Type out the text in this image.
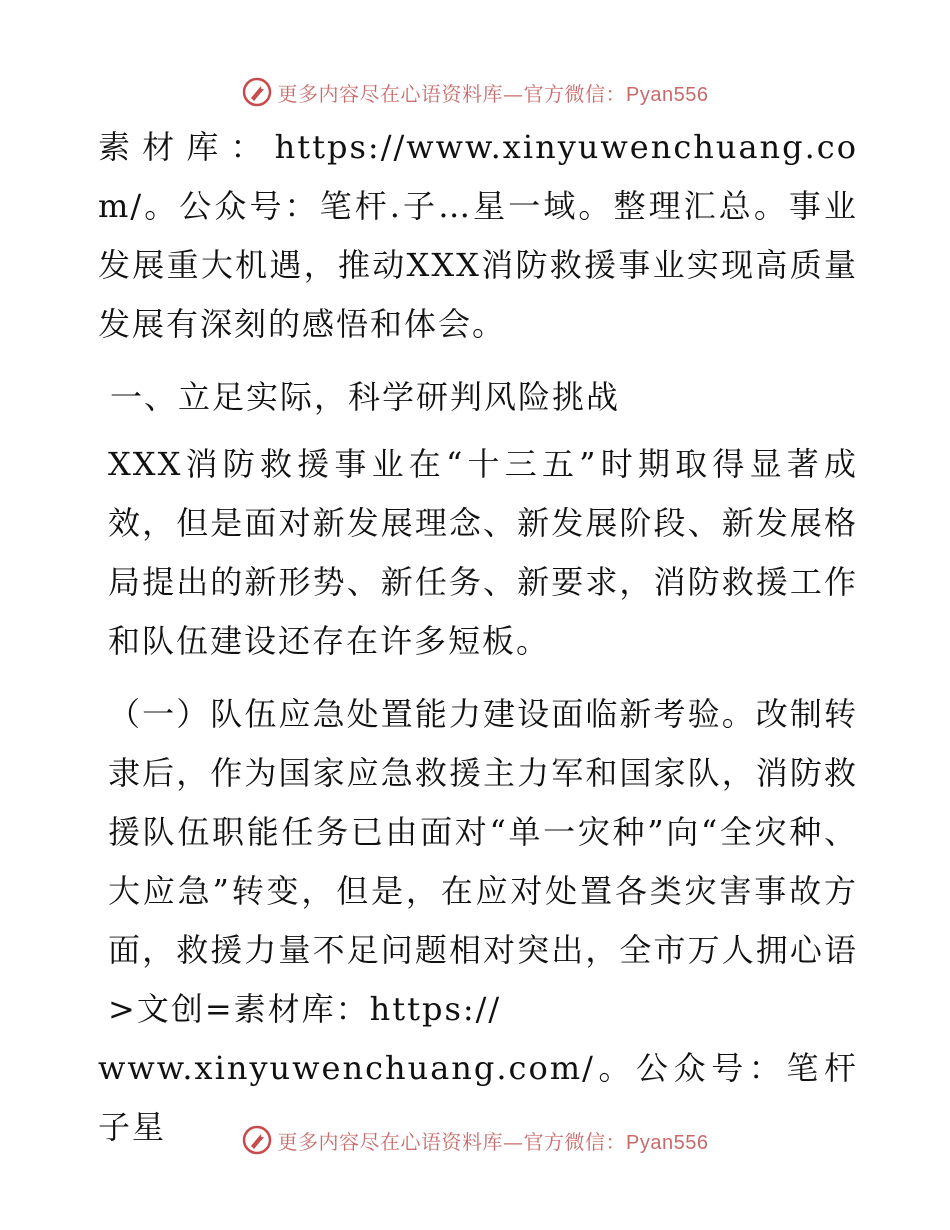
更多内容尽在心语资料库—官方微信：Pyan556

素材库：https://www.xinyuwenchuang.com/。公众号：笔杆.子…星一域。整理汇总。事业发展重大机遇，推动XXX消防救援事业实现高质量发展有深刻的感悟和体会。

一、立足实际，科学研判风险挑战

XXX消防救援事业在“十三五”时期取得显著成效，但是面对新发展理念、新发展阶段、新发展格局提出的新形势、新任务、新要求，消防救援工作和队伍建设还存在许多短板。

（一）队伍应急处置能力建设面临新考验。改制转隶后，作为国家应急救援主力军和国家队，消防救援队伍职能任务已由面对“单一灾种”向“全灾种、大应急”转变，但是，在应对处置各类灾害事故方面，救援力量不足问题相对突出，全市万人拥心语>文创=素材库：https://

www.xinyuwenchuang.com/。公众号：笔杆子星	更多内容尽在心语资料库—官方微信：Pyan556
